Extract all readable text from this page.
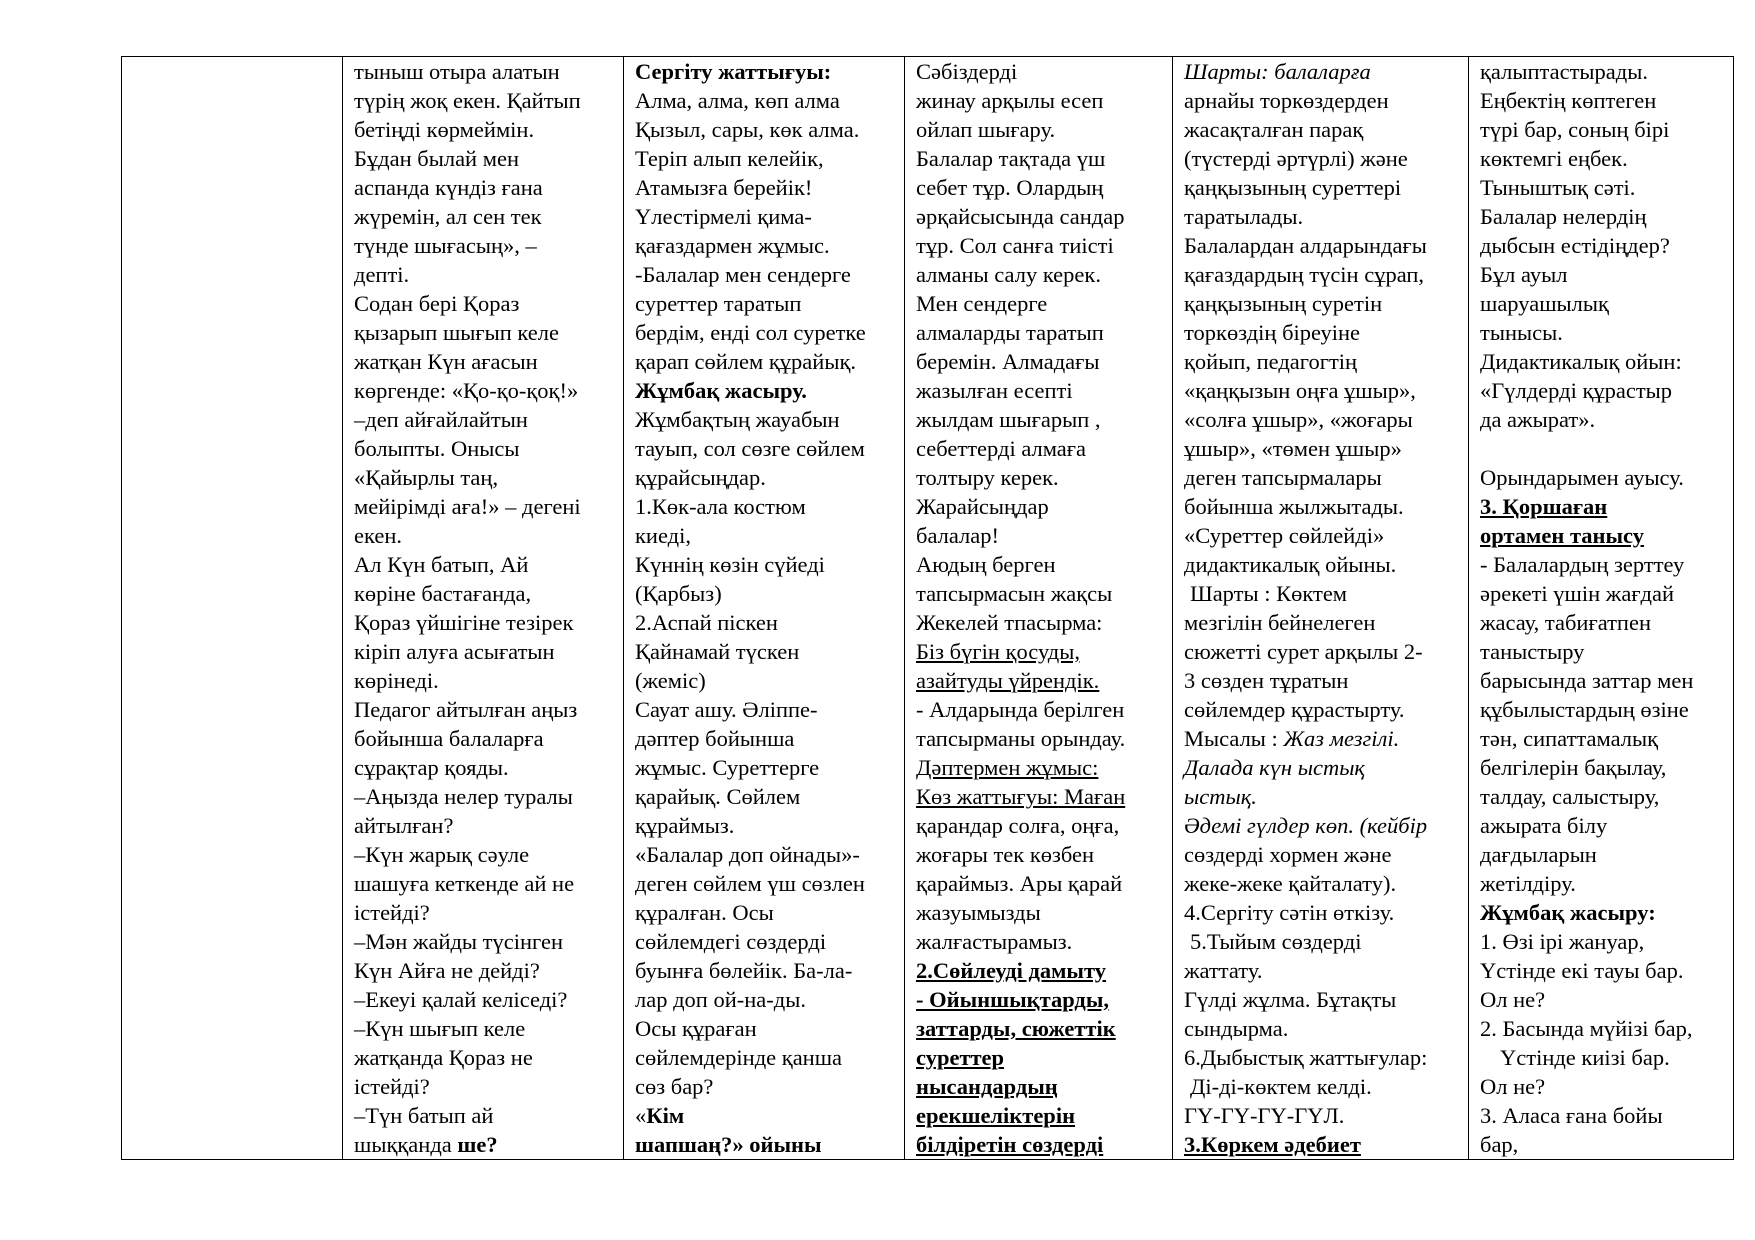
тыныш отыра алатын
түрің жоқ екен. Қайтып
бетіңді көрмеймін.
Бұдан былай мен
аспанда күндіз ғана
жүремін, ал сен тек
түнде шығасың», –
депті.
Содан бері Қораз
қызарып шығып келе
жатқан Күн ағасын
көргенде: «Қо-қо-қоқ!»
–деп айғайлайтын
болыпты. Онысы
«Қайырлы таң,
мейірімді аға!» – дегені
екен.
Ал Күн батып, Ай
көріне бастағанда,
Қораз үйшігіне тезірек
кіріп алуға асығатын
көрінеді.
Педагог айтылған аңыз
бойынша балаларға
сұрақтар қояды.
–Аңызда нелер туралы
айтылған?
–Күн жарық сәуле
шашуға кеткенде ай не
істейді?
–Мән жайды түсінген
Күн Айға не дейді?
–Екеуі қалай келіседі?
–Күн шығып келе
жатқанда Қораз не
істейді?
–Түн батып ай
шыққанда ше?

Сергіту жаттығуы:
Алма, алма, көп алма
Қызыл, сары, көк алма.
Теріп алып келейік,
Атамызға берейік!
Үлестірмелі қима-
қағаздармен жұмыс.
-Балалар мен сендерге
суреттер таратып
бердім, енді сол суретке
қарап сөйлем құрайық.
Жұмбақ жасыру.
Жұмбақтың жауабын
тауып, сол сөзге сөйлем
құрайсыңдар.
1.Көк-ала костюм
киеді,
Күннің көзін сүйеді
(Қарбыз)
2.Аспай піскен
Қайнамай түскен
(жеміс)
Сауат ашу. Әліппе-
дәптер бойынша
жұмыс. Суреттерге
қарайық. Сөйлем
құраймыз.
«Балалар доп ойнады»-
деген сөйлем үш сөзлен
құралған. Осы
сөйлемдегі сөздерді
буынға бөлейік. Ба-ла-
лар доп ой-на-ды.
Осы құраған
сөйлемдерінде қанша
сөз бар?
«Кім
шапшаң?» ойыны

Сәбіздерді
жинау арқылы есеп
ойлап шығару.
Балалар тақтада үш
себет тұр. Олардың
әрқайсысында сандар
тұр. Сол санға тиісті
алманы салу керек.
Мен сендерге
алмаларды таратып
беремін. Алмадағы
жазылған есепті
жылдам шығарып ,
себеттерді алмаға
толтыру керек.
Жарайсыңдар
балалар!
Аюдың берген
тапсырмасын жақсы
Жекелей тпасырма:
Біз бүгін қосуды,
азайтуды үйрендік.
- Алдарында берілген
тапсырманы орындау.
Дәптермен жұмыс:
Көз жаттығуы: Маған
қарандар солға, оңға,
жоғары тек көзбен
қараймыз. Ары қарай
жазуымызды
жалғастырамыз.
2.Сөйлеуді дамыту
- Ойыншықтарды,
заттарды, сюжеттік
суреттер
нысандардың
ерекшеліктерін
білдіретін сөздерді

Шарты: балаларға
арнайы торкөздерден
жасақталған парақ
(түстерді әртүрлі) және
қаңқызының суреттері
таратылады.
Балалардан алдарындағы
қағаздардың түсін сұрап,
қаңқызының суретін
торкөздің біреуіне
қойып, педагогтің
«қаңқызын оңға ұшыр»,
«солға ұшыр», «жоғары
ұшыр», «төмен ұшыр»
деген тапсырмалары
бойынша жылжытады.
«Суреттер сөйлейді»
дидактикалық ойыны.
Шарты : Көктем
мезгілін бейнелеген
сюжетті сурет арқылы 2-
3 сөзден тұратын
сөйлемдер құрастырту.
Мысалы : Жаз мезгілі.
Далада күн ыстық
ыстық.
Әдемі гүлдер көп. (кейбір
сөздерді хормен және
жеке-жеке қайталату).
4.Сергіту сәтін өткізу.
5.Тыйым сөздерді
жаттату.
Гүлді жұлма. Бұтақты
сындырма.
6.Дыбыстық жаттығулар:
Ді-ді-көктем келді.
ГҮ-ГҮ-ГҮ-ГҮЛ.
3.Көркем әдебиет

қалыптастырады.
Еңбектің көптеген
түрі бар, соның бірі
көктемгі еңбек.
Тыныштық сәті.
Балалар нелердің
дыбсын естідіңдер?
Бұл ауыл
шаруашылық
тынысы.
Дидактикалық ойын:
«Гүлдерді құрастыр
да ажырат».
Орындарымен ауысу.
3. Қоршаған
ортамен танысу
- Балалардың зерттеу
әрекеті үшін жағдай
жасау, табиғатпен
таныстыру
барысында заттар мен
құбылыстардың өзіне
тән, сипаттамалық
белгілерін бақылау,
талдау, салыстыру,
ажырата білу
дағдыларын
жетілдіру.
Жұмбақ жасыру:
1. Өзі ірі жануар,
Үстінде екі тауы бар.
Ол не?
2. Басында мүйізі бар,
Үстінде киізі бар.
Ол не?
3. Аласа ғана бойы
бар,
